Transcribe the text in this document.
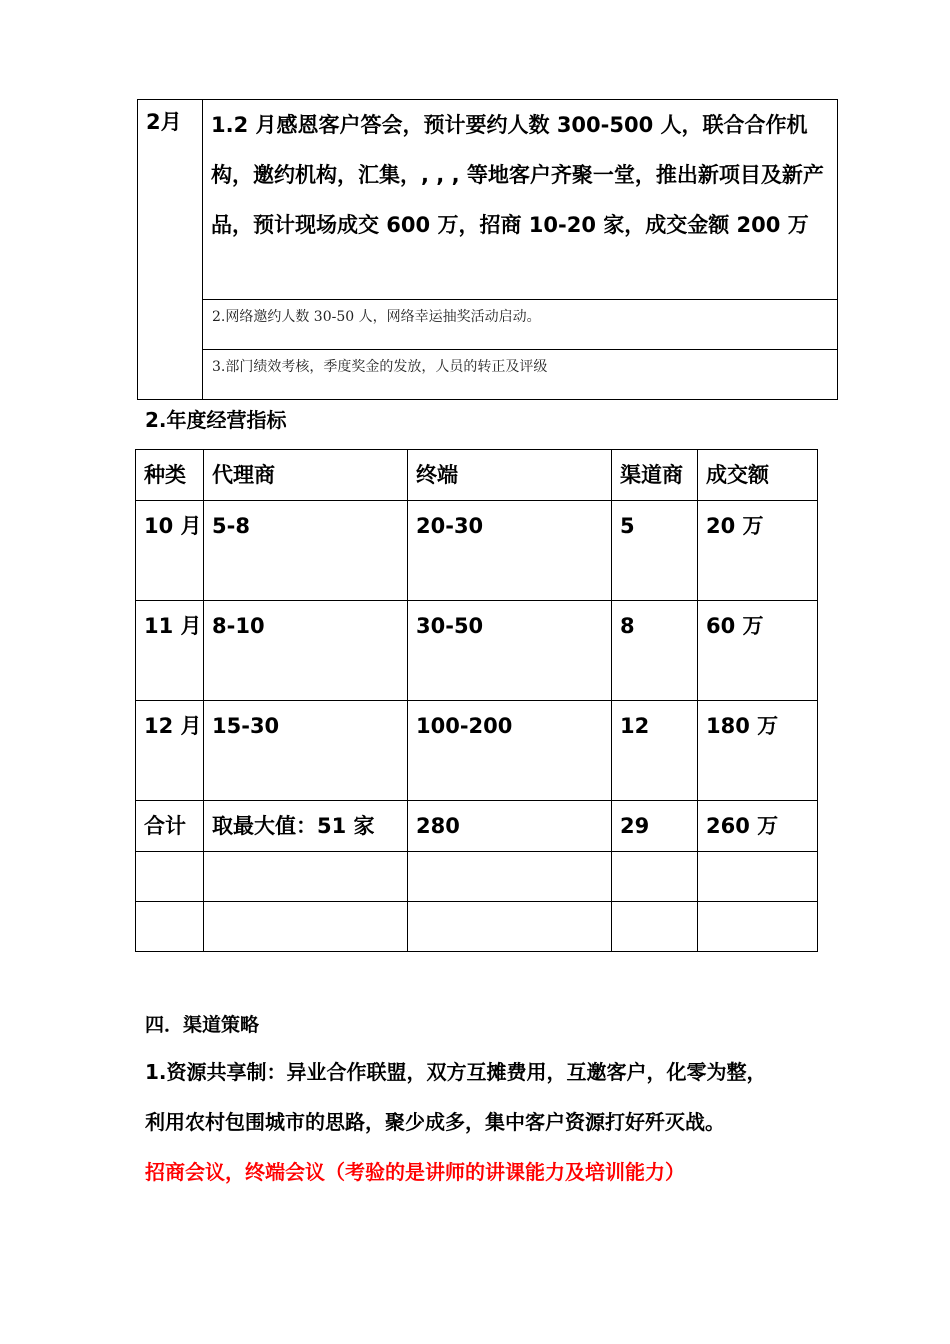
2月	1.2 月感恩客户答会，预计要约人数 300-500 人，联合合作机构，邀约机构，汇集，, , , 等地客户齐聚一堂，推出新项目及新产品，预计现场成交 600 万，招商 10-20 家，成交金额 200 万
2.网络邀约人数 30-50 人，网络幸运抽奖活动启动。
3.部门绩效考核，季度奖金的发放，人员的转正及评级
2.年度经营指标
种类	代理商	终端	渠道商	成交额
10 月	5-8	20-30	5	20 万
11 月	8-10	30-50	8	60 万
12 月	15-30	100-200	12	180 万
合计	取最大值：51 家	280	29	260 万

四．渠道策略
1.资源共享制：异业合作联盟，双方互摊费用，互邀客户，化零为整，
利用农村包围城市的思路，聚少成多，集中客户资源打好歼灭战。
招商会议，终端会议（考验的是讲师的讲课能力及培训能力）
